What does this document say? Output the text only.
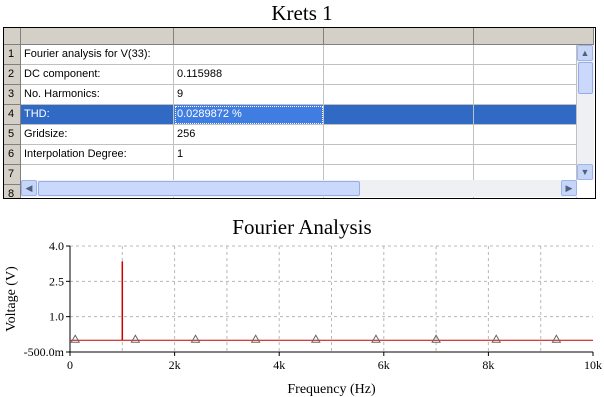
Krets 1
1 Fourier analysis for V(33):
2 DC component:	0.115988
3 No. Harmonics:	9
4 THD:	0.0289872 %
5 Gridsize:	256
6 Interpolation Degree:	1
7
8
▲
▼
◀	▶
Fourier Analysis
0	2k	4k	6k	8k	10k
-500.0m
1.0
2.5
4.0
Frequency (Hz)
Voltage (V)
